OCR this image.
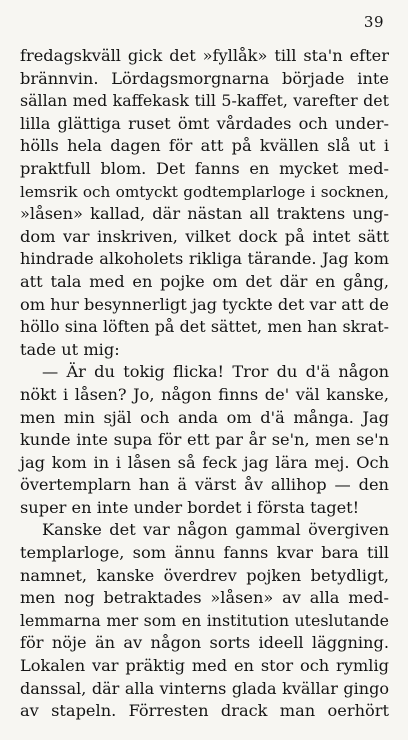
39
fredagskväll gick det »fyllåk» till sta'n efter
brännvin. Lördagsmorgnarna började inte
sällan med kaffekask till 5-kaffet, varefter det
lilla glättiga ruset ömt vårdades och under-
hölls hela dagen för att på kvällen slå ut i
praktfull blom. Det fanns en mycket med-
lemsrik och omtyckt godtemplarloge i socknen,
»låsen» kallad, där nästan all traktens ung-
dom var inskriven, vilket dock på intet sätt
hindrade alkoholets rikliga tärande. Jag kom
att tala med en pojke om det där en gång,
om hur besynnerligt jag tyckte det var att de
höllo sina löften på det sättet, men han skrat-
tade ut mig:
— Är du tokig flicka! Tror du d'ä någon
nökt i låsen? Jo, någon finns de' väl kanske,
men min själ och anda om d'ä många. Jag
kunde inte supa för ett par år se'n, men se'n
jag kom in i låsen så feck jag lära mej. Och
övertemplarn han ä värst åv allihop — den
super en inte under bordet i första taget!
Kanske det var någon gammal övergiven
templarloge, som ännu fanns kvar bara till
namnet, kanske överdrev pojken betydligt,
men nog betraktades »låsen» av alla med-
lemmarna mer som en institution uteslutande
för nöje än av någon sorts ideell läggning.
Lokalen var präktig med en stor och rymlig
danssal, där alla vinterns glada kvällar gingo
av stapeln. Förresten drack man oerhört
